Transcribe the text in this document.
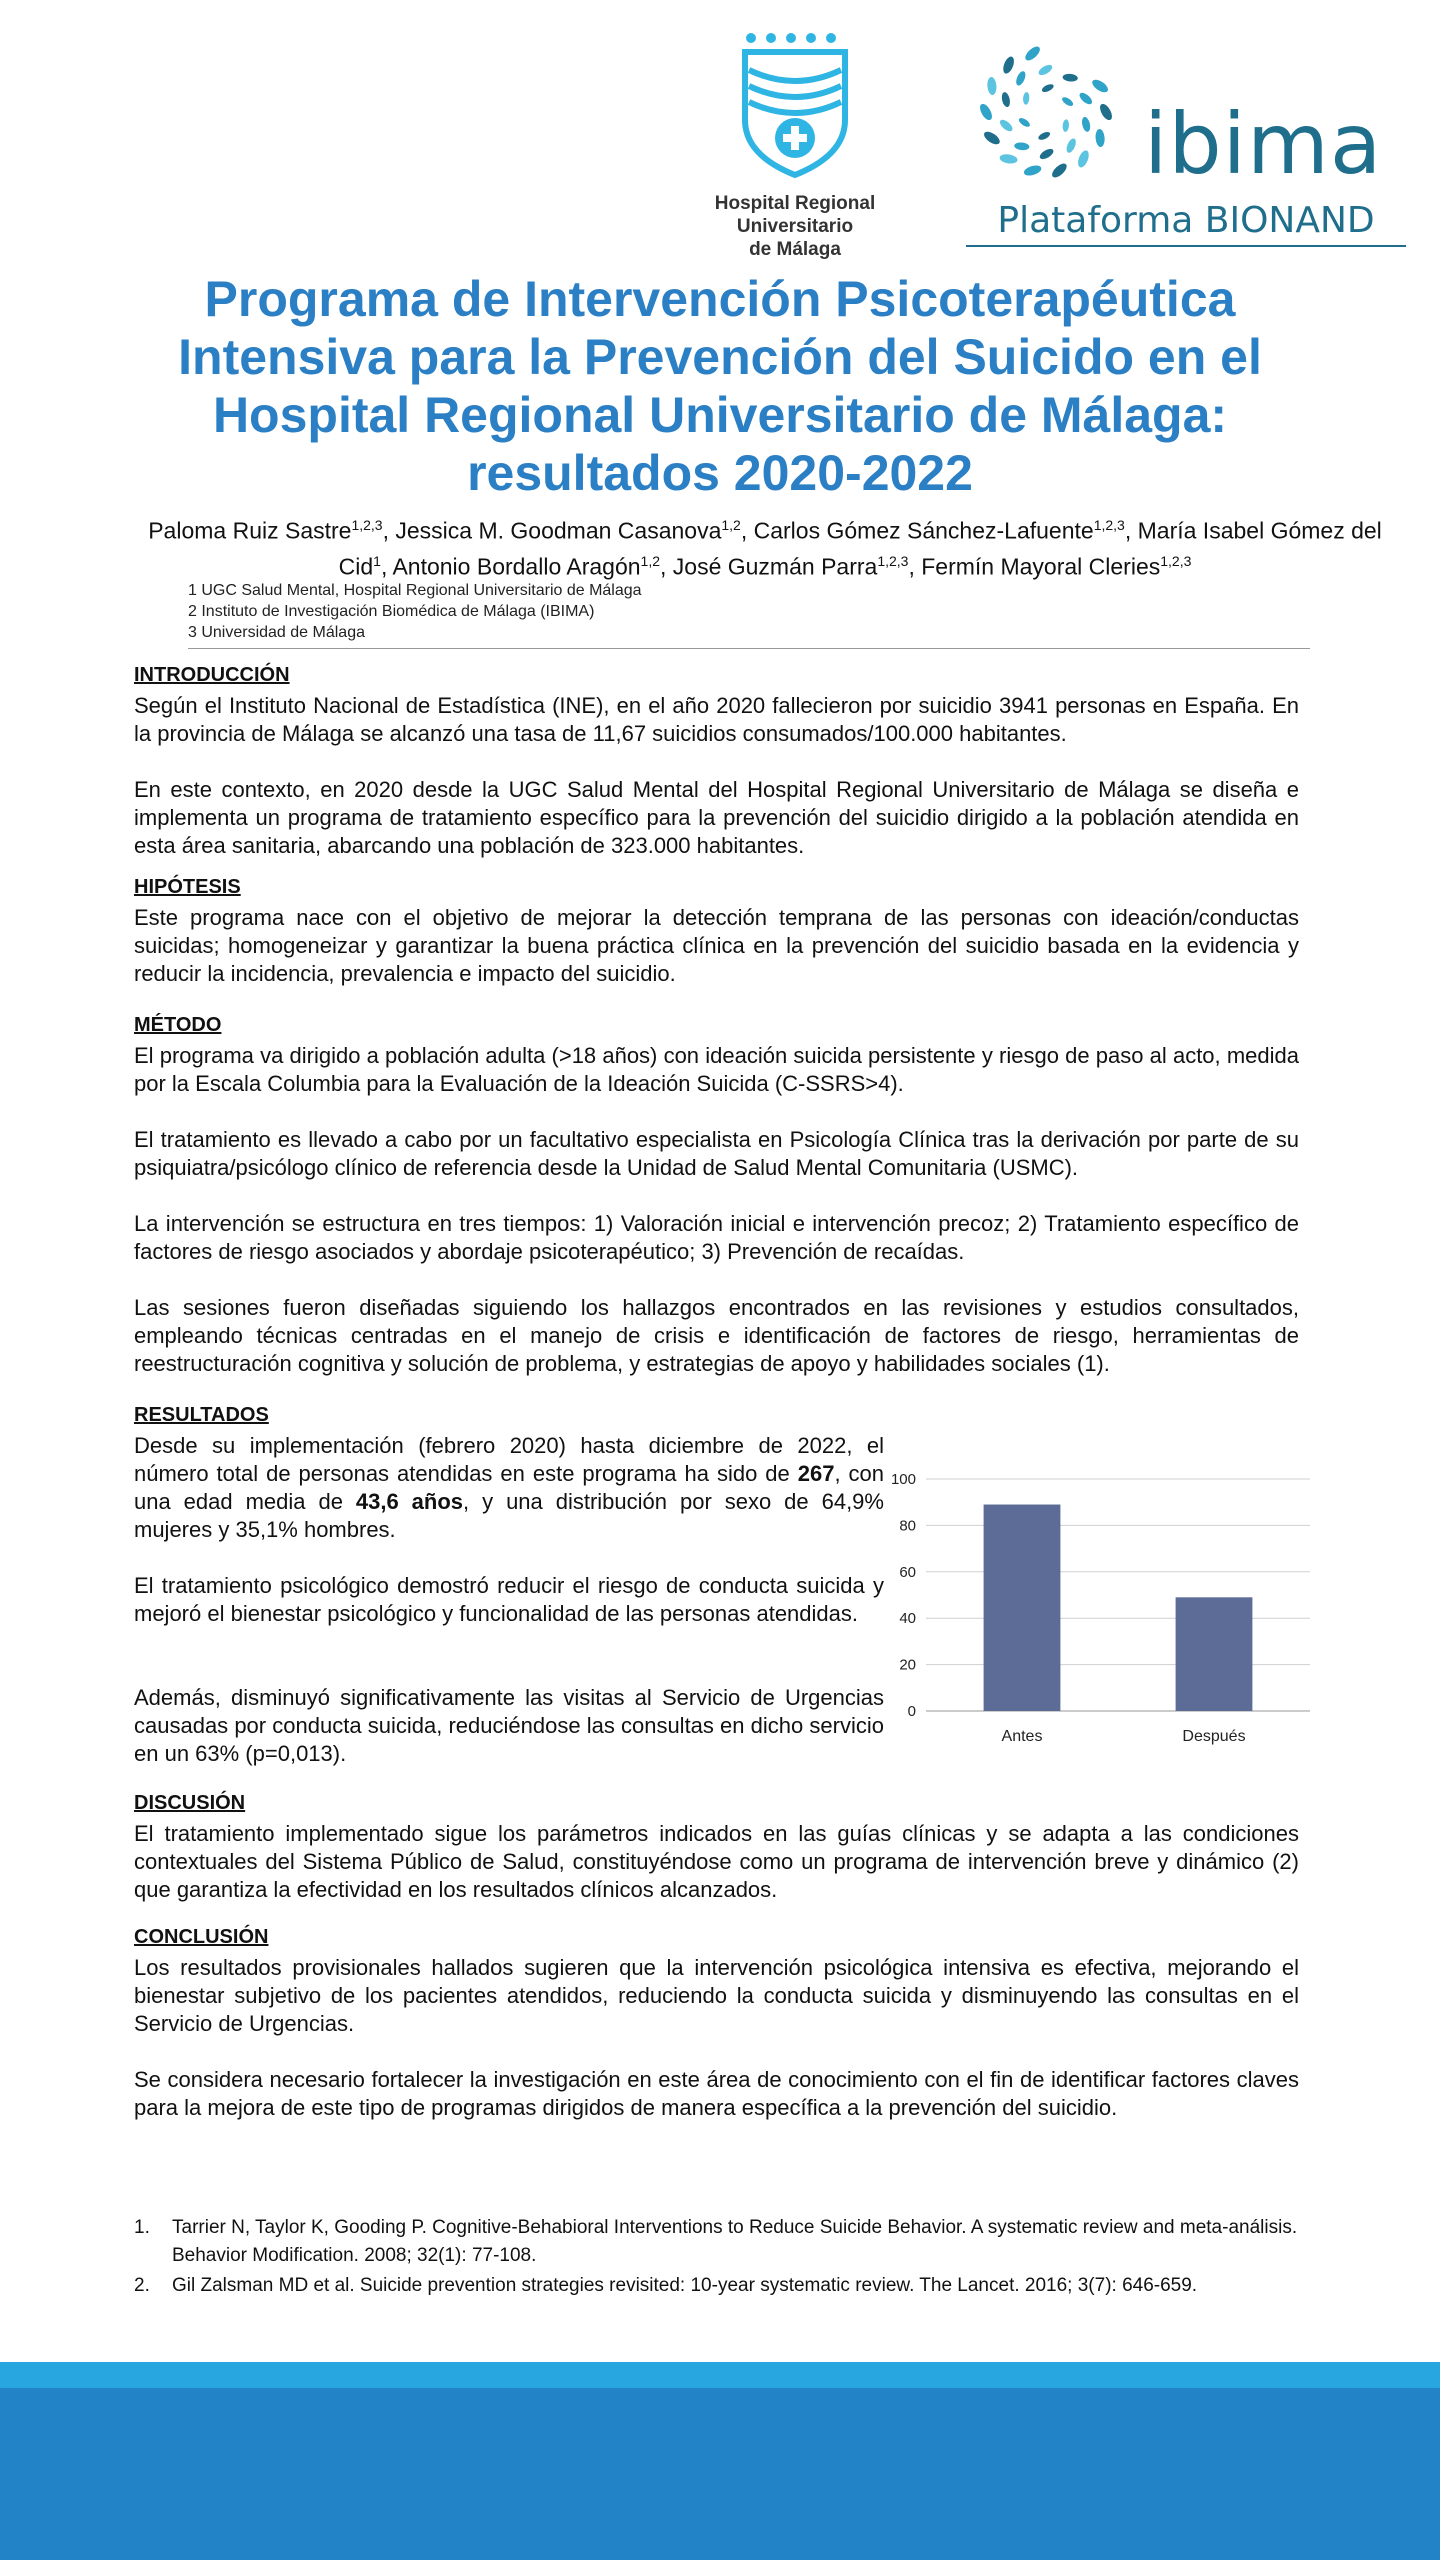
Hospital Regional
Universitario
de Málaga
ibima
Plataforma BIONAND
Programa de Intervención Psicoterapéutica Intensiva para la Prevención del Suicido en el Hospital Regional Universitario de Málaga: resultados 2020-2022
Paloma Ruiz Sastre$^{1,2,3}$, Jessica M. Goodman Casanova$^{1,2}$, Carlos Gómez Sánchez-Lafuente$^{1,2,3}$, María Isabel Gómez del Cid$^1$, Antonio Bordallo Aragón$^{1,2}$, José Guzmán Parra$^{1,2,3}$, Fermín Mayoral Cleries$^{1,2,3}$
1 UGC Salud Mental, Hospital Regional Universitario de Málaga
2 Instituto de Investigación Biomédica de Málaga (IBIMA)
3 Universidad de Málaga
INTRODUCCIÓN

Según el Instituto Nacional de Estadística (INE), en el año 2020 fallecieron por suicidio 3941 personas en España. En la provincia de Málaga se alcanzó una tasa de 11,67 suicidios consumados/100.000 habitantes.

En este contexto, en 2020 desde la UGC Salud Mental del Hospital Regional Universitario de Málaga se diseña e implementa un programa de tratamiento específico para la prevención del suicidio dirigido a la población atendida en esta área sanitaria, abarcando una población de 323.000 habitantes.

HIPÓTESIS

Este programa nace con el objetivo de mejorar la detección temprana de las personas con ideación/conductas suicidas; homogeneizar y garantizar la buena práctica clínica en la prevención del suicidio basada en la evidencia y reducir la incidencia, prevalencia e impacto del suicidio.

MÉTODO

El programa va dirigido a población adulta (>18 años) con ideación suicida persistente y riesgo de paso al acto, medida por la Escala Columbia para la Evaluación de la Ideación Suicida (C-SSRS>4).

El tratamiento es llevado a cabo por un facultativo especialista en Psicología Clínica tras la derivación por parte de su psiquiatra/psicólogo clínico de referencia desde la Unidad de Salud Mental Comunitaria (USMC).

La intervención se estructura en tres tiempos: 1) Valoración inicial e intervención precoz; 2) Tratamiento específico de factores de riesgo asociados y abordaje psicoterapéutico; 3) Prevención de recaídas.

Las sesiones fueron diseñadas siguiendo los hallazgos encontrados en las revisiones y estudios consultados, empleando técnicas centradas en el manejo de crisis e identificación de factores de riesgo, herramientas de reestructuración cognitiva y solución de problema, y estrategias de apoyo y habilidades sociales (1).

RESULTADOS

Desde su implementación (febrero 2020) hasta diciembre de 2022, el número total de personas atendidas en este programa ha sido de 267, con una edad media de 43,6 años, y una distribución por sexo de 64,9% mujeres y 35,1% hombres.

El tratamiento psicológico demostró reducir el riesgo de conducta suicida y mejoró el bienestar psicológico y funcionalidad de las personas atendidas.

Además, disminuyó significativamente las visitas al Servicio de Urgencias causadas por conducta suicida, reduciéndose las consultas en dicho servicio en un 63% (p=0,013).

0
20
40
60
80
100
Antes	Después
DISCUSIÓN

El tratamiento implementado sigue los parámetros indicados en las guías clínicas y se adapta a las condiciones contextuales del Sistema Público de Salud, constituyéndose como un programa de intervención breve y dinámico (2) que garantiza la efectividad en los resultados clínicos alcanzados.

CONCLUSIÓN

Los resultados provisionales hallados sugieren que la intervención psicológica intensiva es efectiva, mejorando el bienestar subjetivo de los pacientes atendidos, reduciendo la conducta suicida y disminuyendo las consultas en el Servicio de Urgencias.

Se considera necesario fortalecer la investigación en este área de conocimiento con el fin de identificar factores claves para la mejora de este tipo de programas dirigidos de manera específica a la prevención del suicidio.

1. Tarrier N, Taylor K, Gooding P. Cognitive-Behabioral Interventions to Reduce Suicide Behavior. A systematic review and meta-análisis. Behavior Modification. 2008; 32(1): 77-108.
2. Gil Zalsman MD et al. Suicide prevention strategies revisited: 10-year systematic review. The Lancet. 2016; 3(7): 646-659.
